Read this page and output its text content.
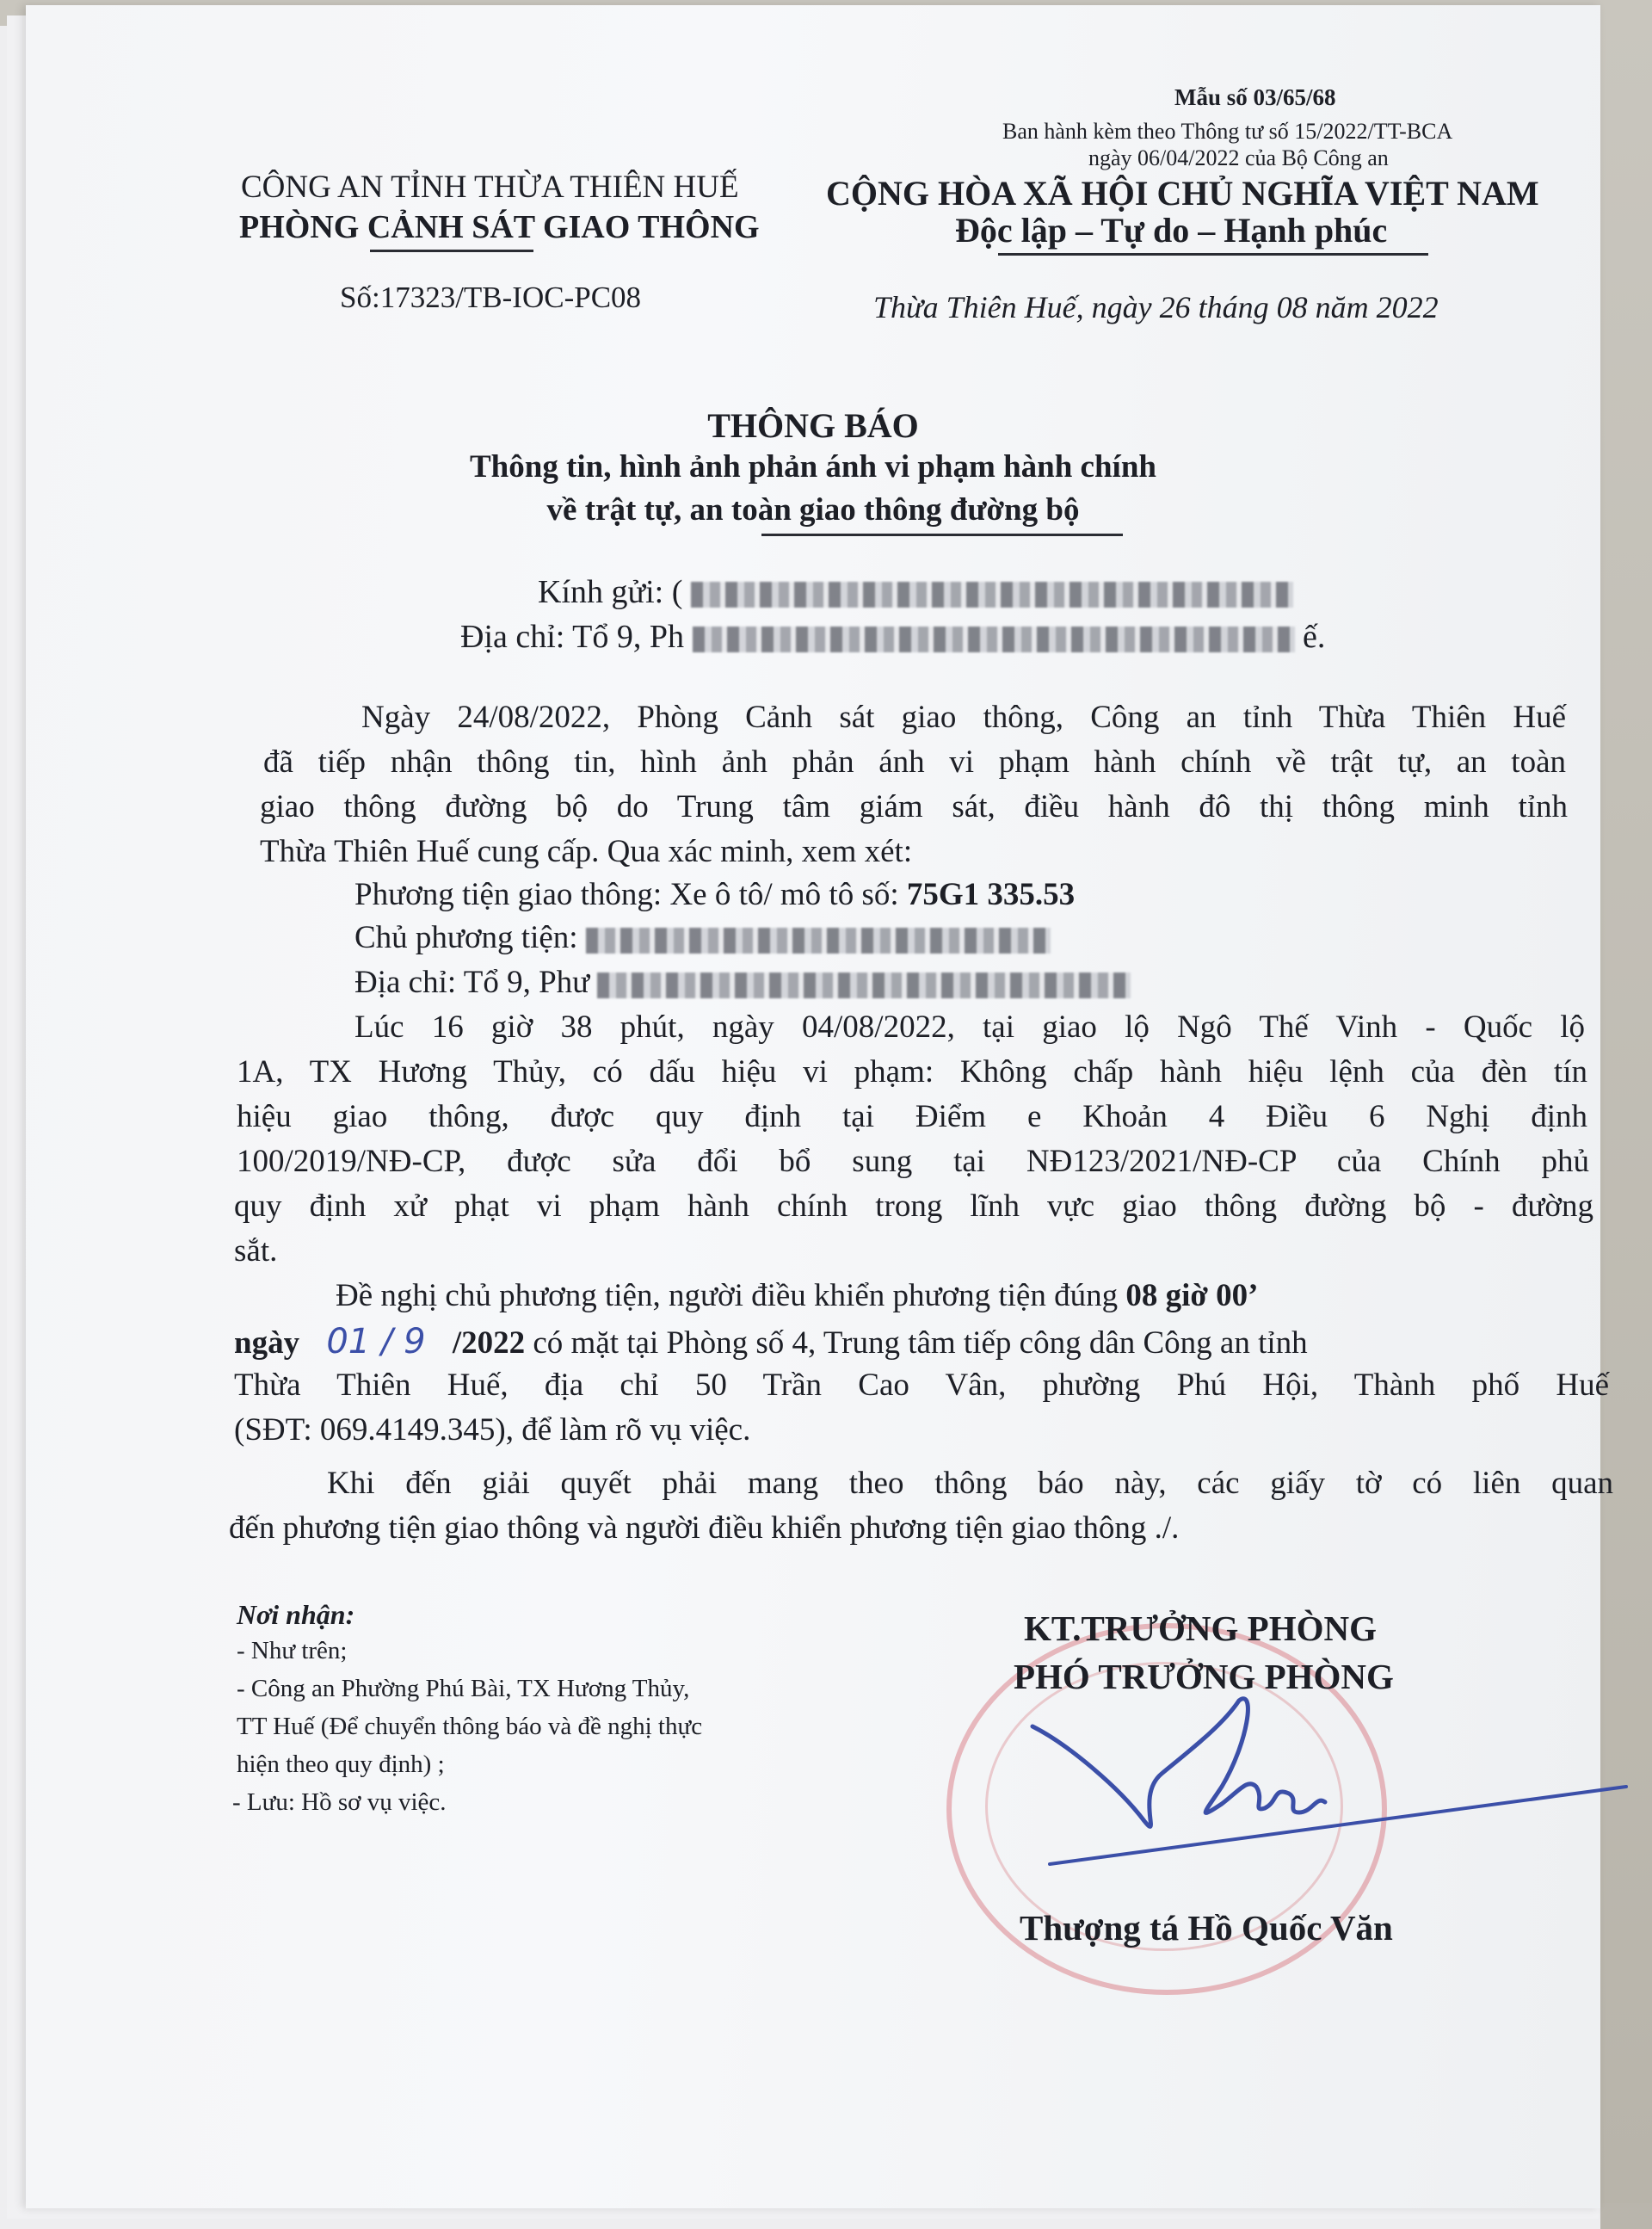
Mẫu số 03/65/68
Ban hành kèm theo Thông tư số 15/2022/TT-BCA
ngày 06/04/2022 của Bộ Công an
CÔNG AN TỈNH THỪA THIÊN HUẾ
PHÒNG CẢNH SÁT GIAO THÔNG
Số:17323/TB-IOC-PC08
CỘNG HÒA XÃ HỘI CHỦ NGHĨA VIỆT NAM
Độc lập – Tự do – Hạnh phúc
Thừa Thiên Huế, ngày 26 tháng 08 năm 2022
THÔNG BÁO
Thông tin, hình ảnh phản ánh vi phạm hành chính
về trật tự, an toàn giao thông đường bộ
Kính gửi: (
Địa chỉ: Tổ 9, Ph	ế.
Ngày 24/08/2022, Phòng Cảnh sát giao thông, Công an tỉnh Thừa Thiên Huế
đã tiếp nhận thông tin, hình ảnh phản ánh vi phạm hành chính về trật tự, an toàn
giao thông đường bộ do Trung tâm giám sát, điều hành đô thị thông minh tỉnh
Thừa Thiên Huế cung cấp. Qua xác minh, xem xét:
Phương tiện giao thông: Xe ô tô/ mô tô số: 75G1 335.53
Chủ phương tiện:
Địa chỉ: Tổ 9, Phư
Lúc 16 giờ 38 phút, ngày 04/08/2022, tại giao lộ Ngô Thế Vinh - Quốc lộ
1A, TX Hương Thủy, có dấu hiệu vi phạm: Không chấp hành hiệu lệnh của đèn tín
hiệu giao thông, được quy định tại Điểm e Khoản 4 Điều 6 Nghị định
100/2019/NĐ-CP, được sửa đổi bổ sung tại NĐ123/2021/NĐ-CP của Chính phủ
quy định xử phạt vi phạm hành chính trong lĩnh vực giao thông đường bộ - đường
sắt.
Đề nghị chủ phương tiện, người điều khiển phương tiện đúng 08 giờ 00’
ngày 01 / 9 /2022 có mặt tại Phòng số 4, Trung tâm tiếp công dân Công an tỉnh
Thừa Thiên Huế, địa chỉ 50 Trần Cao Vân, phường Phú Hội, Thành phố Huế
(SĐT: 069.4149.345), để làm rõ vụ việc.
Khi đến giải quyết phải mang theo thông báo này, các giấy tờ có liên quan
đến phương tiện giao thông và người điều khiển phương tiện giao thông ./.
Nơi nhận:
- Như trên;
- Công an Phường Phú Bài, TX Hương Thủy,
TT Huế (Để chuyển thông báo và đề nghị thực
hiện theo quy định) ;
- Lưu: Hồ sơ vụ việc.
KT.TRƯỞNG PHÒNG
PHÓ TRƯỞNG PHÒNG
Thượng tá Hồ Quốc Văn
